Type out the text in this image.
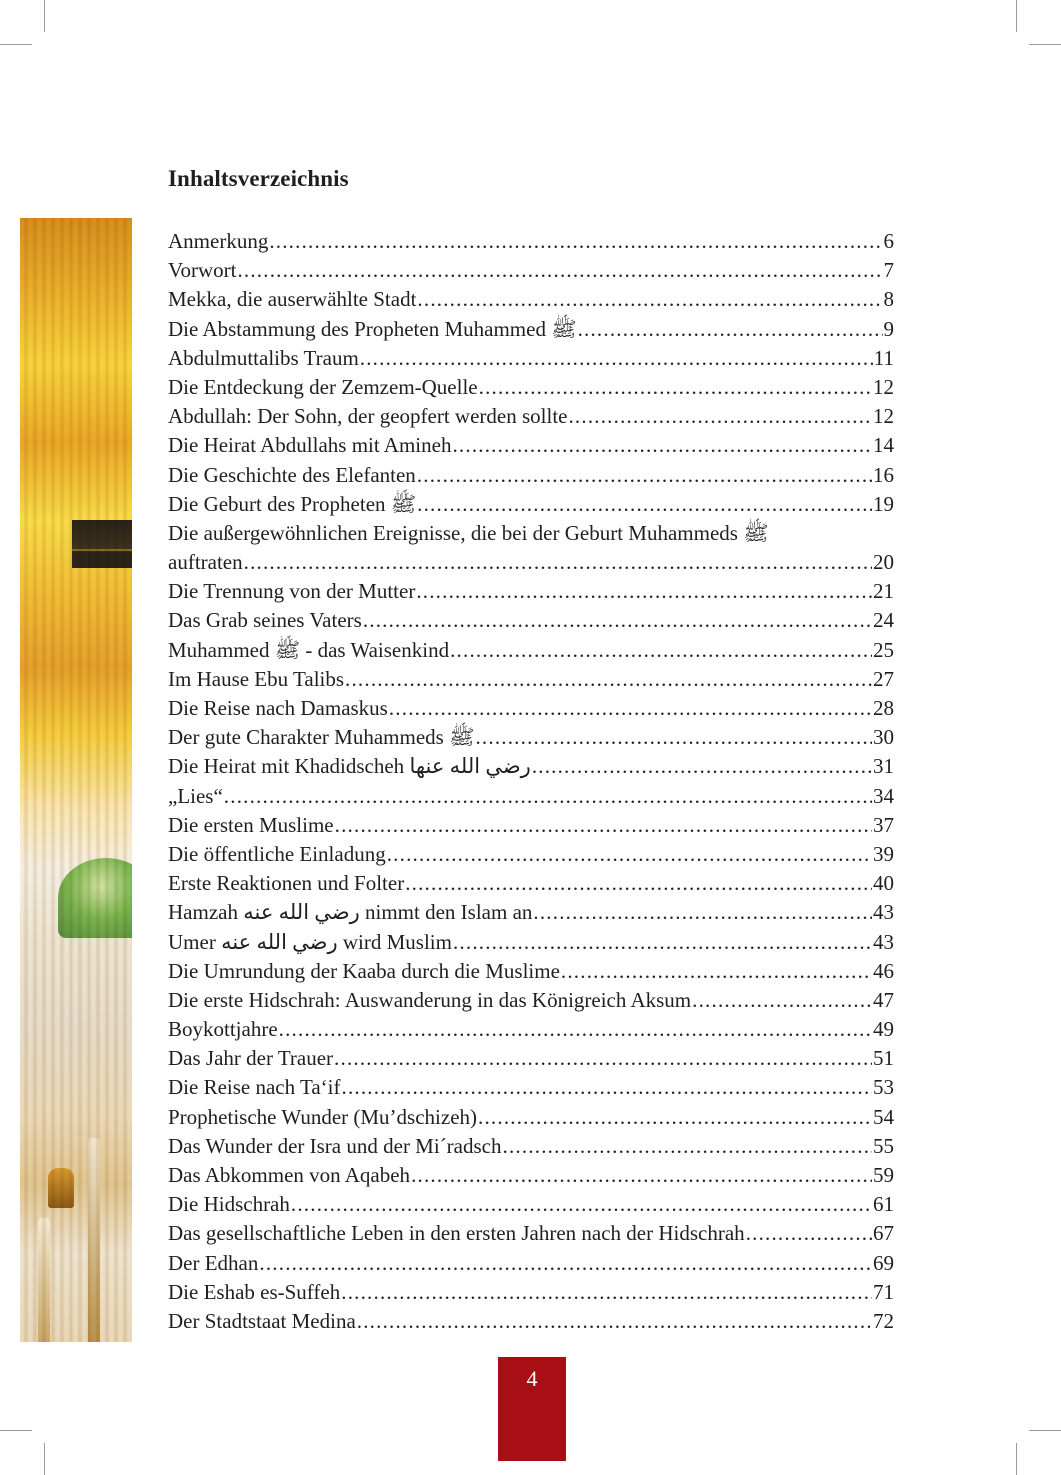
Inhaltsverzeichnis
Anmerkung .....	6
Vorwort .....	7
Mekka, die auserwählte Stadt .....	8
Die Abstammung des Propheten Muhammed ﷺ .....	9
Abdulmuttalibs Traum .....	11
Die Entdeckung der Zemzem-Quelle .....	12
Abdullah: Der Sohn, der geopfert werden sollte .....	12
Die Heirat Abdullahs mit Amineh .....	14
Die Geschichte des Elefanten .....	16
Die Geburt des Propheten ﷺ .....	19
Die außergewöhnlichen Ereignisse, die bei der Geburt Muhammeds ﷺ
auftraten .....	20
Die Trennung von der Mutter .....	21
Das Grab seines Vaters .....	24
Muhammed ﷺ - das Waisenkind .....	25
Im Hause Ebu Talibs .....	27
Die Reise nach Damaskus .....	28
Der gute Charakter Muhammeds ﷺ .....	30
Die Heirat mit Khadidscheh رضي الله عنها .....	31
„Lies“ .....	34
Die ersten Muslime .....	37
Die öffentliche Einladung .....	39
Erste Reaktionen und Folter .....	40
Hamzah رضي الله عنه nimmt den Islam an .....	43
Umer رضي الله عنه wird Muslim .....	43
Die Umrundung der Kaaba durch die Muslime .....	46
Die erste Hidschrah: Auswanderung in das Königreich Aksum .....	47
Boykottjahre .....	49
Das Jahr der Trauer .....	51
Die Reise nach Ta‘if .....	53
Prophetische Wunder (Mu’dschizeh) .....	54
Das Wunder der Isra und der Mi´radsch .....	55
Das Abkommen von Aqabeh .....	59
Die Hidschrah .....	61
Das gesellschaftliche Leben in den ersten Jahren nach der Hidschrah .....	67
Der Edhan .....	69
Die Eshab es-Suffeh .....	71
Der Stadtstaat Medina .....	72
4
